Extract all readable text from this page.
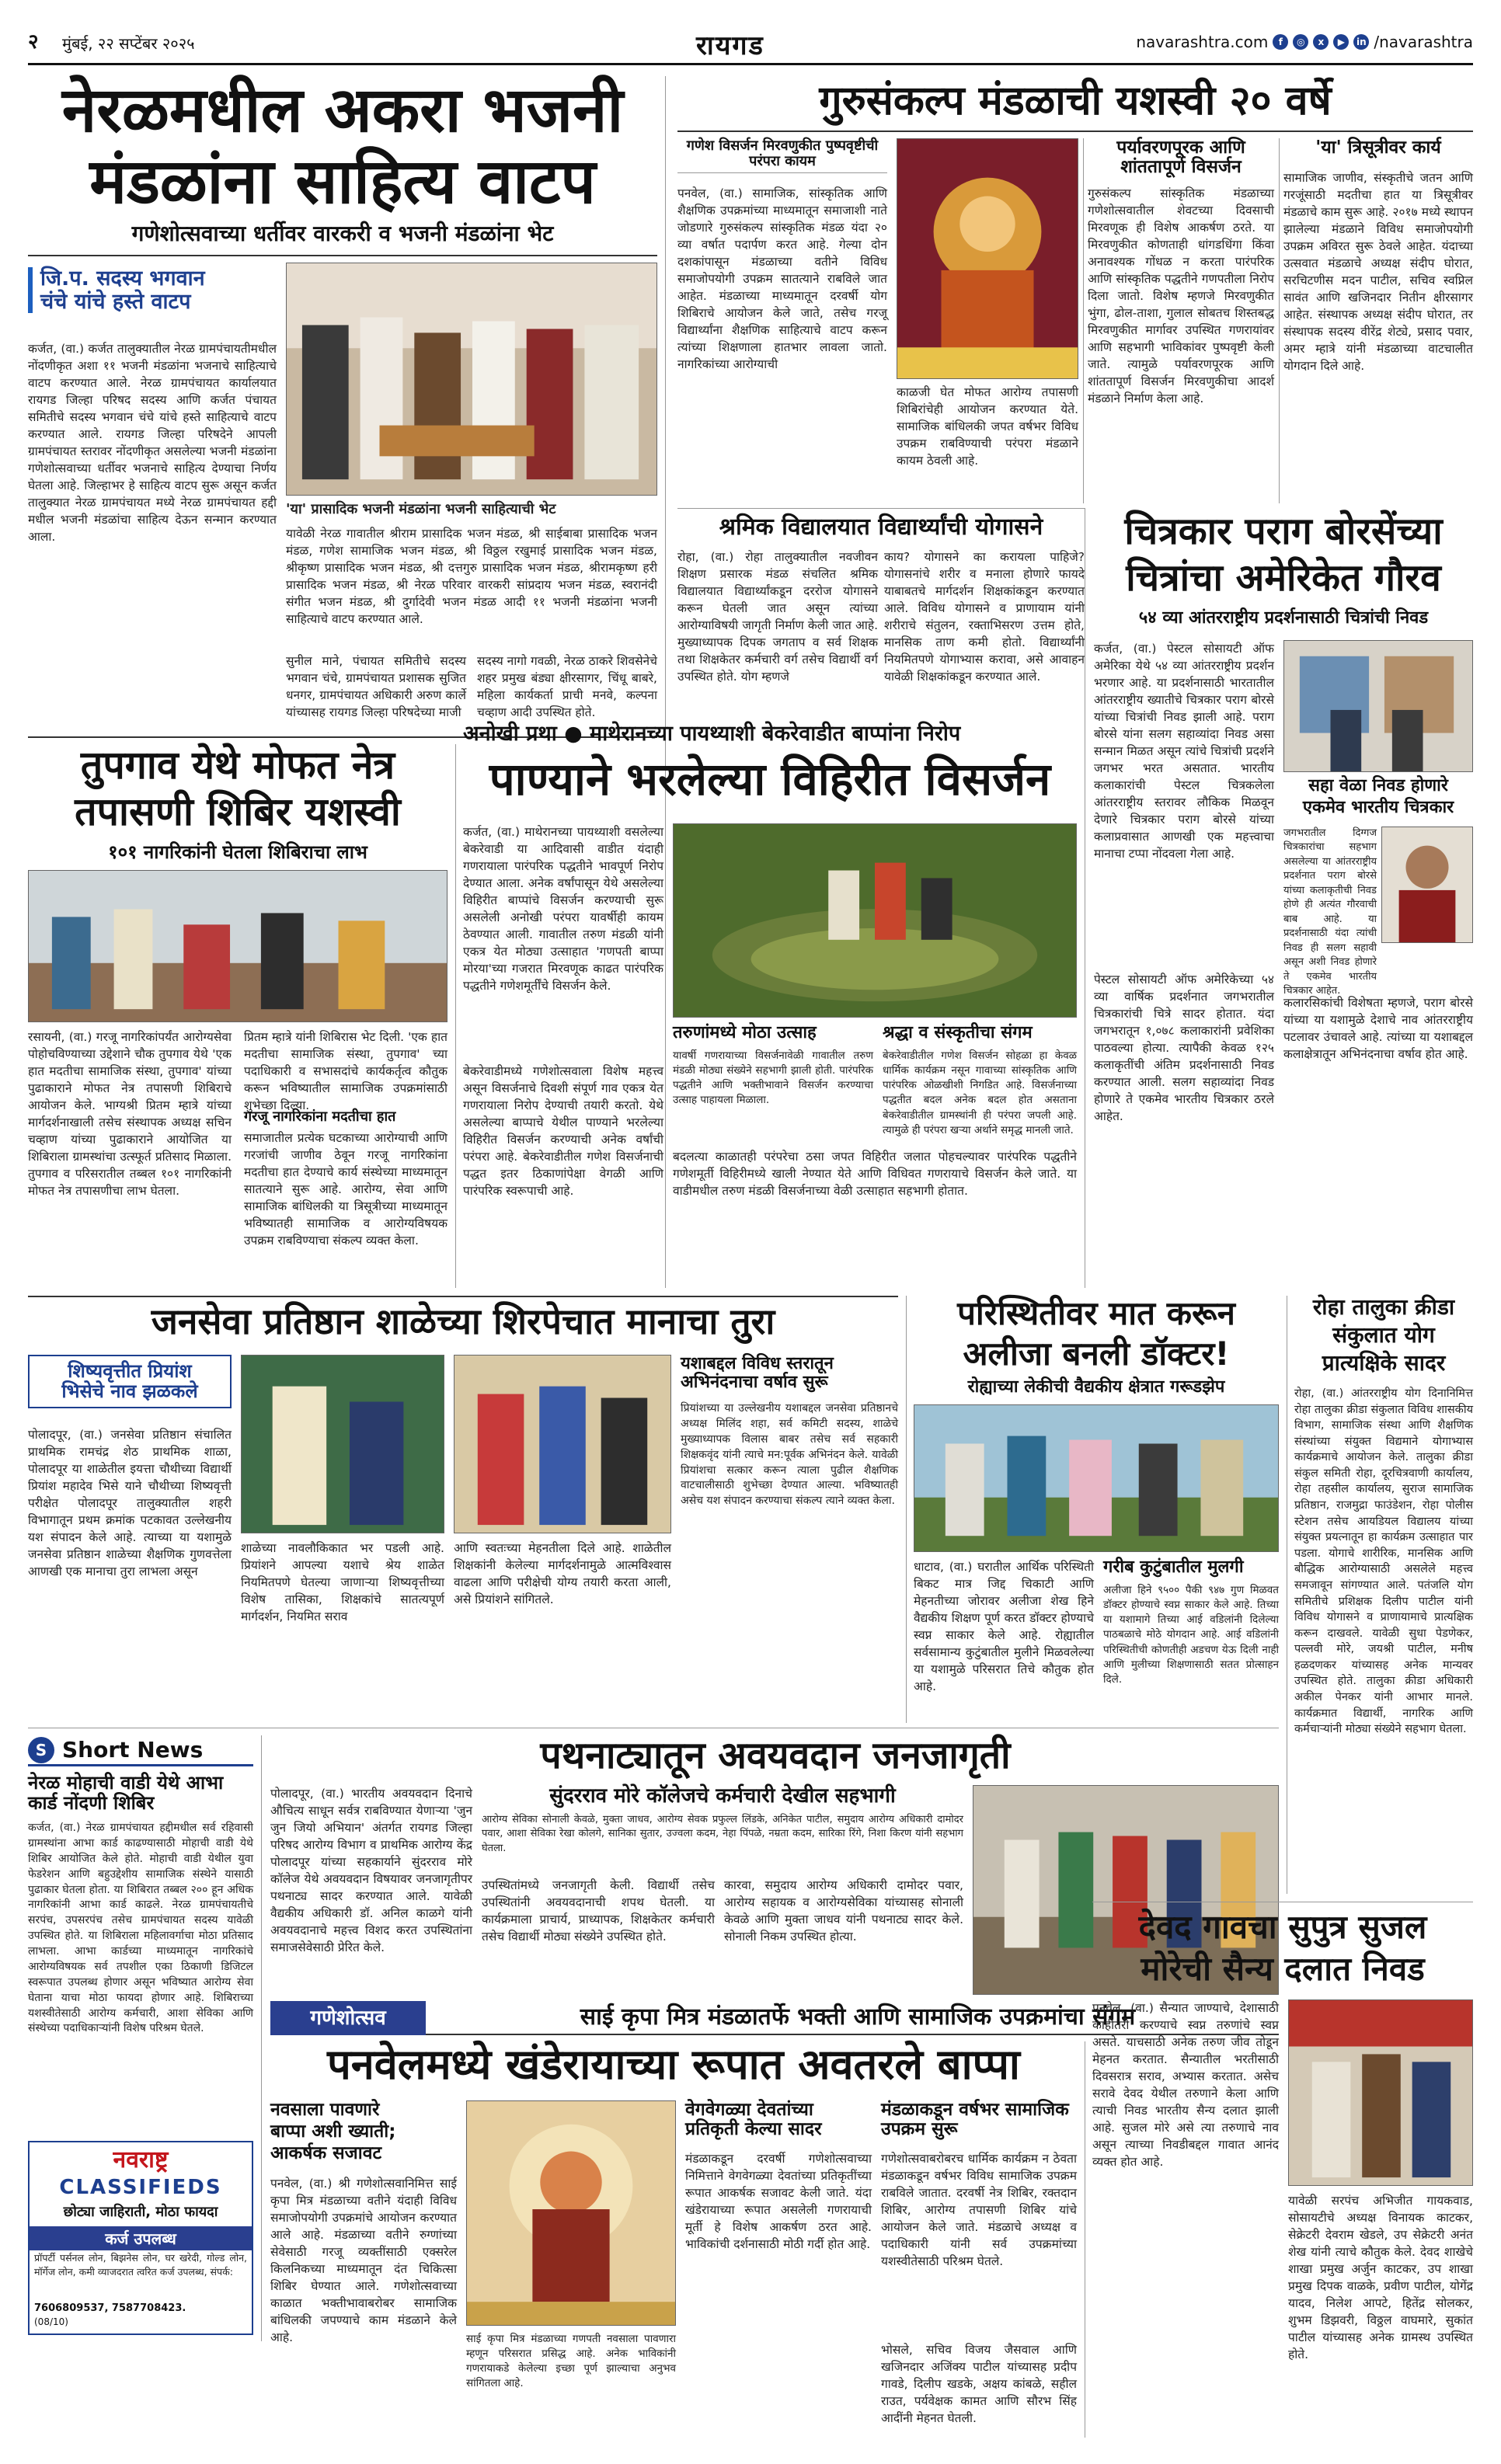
२ मुंबई, २२ सप्टेंबर २०२५	रायगड	navarashtra.com	f	◎	x	▶	in /navarashtra
नेरळमधील अकरा भजनी
मंडळांना साहित्य वाटप
गणेशोत्सवाच्या धर्तीवर वारकरी व भजनी मंडळांना भेट
जि.प. सदस्य भगवान
चंचे यांचे हस्ते वाटप
कर्जत, (वा.) कर्जत तालुक्यातील नेरळ ग्रामपंचायतीमधील नोंदणीकृत अशा ११ भजनी मंडळांना भजनाचे साहित्याचे वाटप करण्यात आले. नेरळ ग्रामपंचायत कार्यालयात रायगड जिल्हा परिषद सदस्य आणि कर्जत पंचायत समितीचे सदस्य भगवान चंचे यांचे हस्ते साहित्याचे वाटप करण्यात आले. रायगड जिल्हा परिषदेने आपली ग्रामपंचायत स्तरावर नोंदणीकृत असलेल्या भजनी मंडळांना गणेशोत्सवाच्या धर्तीवर भजनाचे साहित्य देण्याचा निर्णय घेतला आहे. जिल्हाभर हे साहित्य वाटप सुरू असून कर्जत तालुक्यात नेरळ ग्रामपंचायत मध्ये नेरळ ग्रामपंचायत हद्दी मधील भजनी मंडळांचा साहित्य देऊन सन्मान करण्यात आला.
'या' प्रासादिक भजनी मंडळांना भजनी साहित्याची भेट
यावेळी नेरळ गावातील श्रीराम प्रासादिक भजन मंडळ, श्री साईबाबा प्रासादिक भजन मंडळ, गणेश सामाजिक भजन मंडळ, श्री विठ्ठल रखुमाई प्रासादिक भजन मंडळ, श्रीकृष्ण प्रासादिक भजन मंडळ, श्री दत्तगुरु प्रासादिक भजन मंडळ, श्रीरामकृष्ण हरी प्रासादिक भजन मंडळ, श्री नेरळ परिवार वारकरी सांप्रदाय भजन मंडळ, स्वरानंदी संगीत भजन मंडळ, श्री दुर्गादेवी भजन मंडळ आदी ११ भजनी मंडळांना भजनी साहित्याचे वाटप करण्यात आले.
सुनील माने, पंचायत समितीचे सदस्य भगवान चंचे, ग्रामपंचायत प्रशासक सुजित धनगर, ग्रामपंचायत अधिकारी अरुण कार्ले यांच्यासह रायगड जिल्हा परिषदेच्या माजी
सदस्य नागो गवळी, नेरळ ठाकरे शिवसेनेचे शहर प्रमुख बंड्या क्षीरसागर, चिंधू बाबरे, महिला कार्यकर्ता प्राची मनवे, कल्पना चव्हाण आदी उपस्थित होते.
गुरुसंकल्प मंडळाची यशस्वी २० वर्षे
गणेश विसर्जन मिरवणुकीत पुष्पवृष्टीची परंपरा कायम
पनवेल, (वा.) सामाजिक, सांस्कृतिक आणि शैक्षणिक उपक्रमांच्या माध्यमातून समाजाशी नाते जोडणारे गुरुसंकल्प सांस्कृतिक मंडळ यंदा २० व्या वर्षात पदार्पण करत आहे. गेल्या दोन दशकांपासून मंडळाच्या वतीने विविध समाजोपयोगी उपक्रम सातत्याने राबविले जात आहेत. मंडळाच्या माध्यमातून दरवर्षी योग शिबिराचे आयोजन केले जाते, तसेच गरजू विद्यार्थ्यांना शैक्षणिक साहित्याचे वाटप करून त्यांच्या शिक्षणाला हातभार लावला जातो. नागरिकांच्या आरोग्याची
काळजी घेत मोफत आरोग्य तपासणी शिबिरांचेही आयोजन करण्यात येते. सामाजिक बांधिलकी जपत वर्षभर विविध उपक्रम राबविण्याची परंपरा मंडळाने कायम ठेवली आहे.
पर्यावरणपूरक आणि शांततापूर्ण विसर्जन
गुरुसंकल्प सांस्कृतिक मंडळाच्या गणेशोत्सवातील शेवटच्या दिवसाची मिरवणूक ही विशेष आकर्षण ठरते. या मिरवणुकीत कोणताही धांगडधिंगा किंवा अनावश्यक गोंधळ न करता पारंपरिक आणि सांस्कृतिक पद्धतीने गणपतीला निरोप दिला जातो. विशेष म्हणजे मिरवणुकीत भुंगा, ढोल-ताशा, गुलाल सोबतच शिस्तबद्ध मिरवणुकीत मार्गावर उपस्थित गणरायांवर आणि सहभागी भाविकांवर पुष्पवृष्टी केली जाते. त्यामुळे पर्यावरणपूरक आणि शांततापूर्ण विसर्जन मिरवणुकीचा आदर्श मंडळाने निर्माण केला आहे.
'या' त्रिसूत्रीवर कार्य
सामाजिक जाणीव, संस्कृतीचे जतन आणि गरजूंसाठी मदतीचा हात या त्रिसूत्रीवर मंडळाचे काम सुरू आहे. २०१७ मध्ये स्थापन झालेल्या मंडळाने विविध समाजोपयोगी उपक्रम अविरत सुरू ठेवले आहेत. यंदाच्या उत्सवात मंडळाचे अध्यक्ष संदीप घोरात, सरचिटणीस मदन पाटील, सचिव स्वप्निल सावंत आणि खजिनदार नितीन क्षीरसागर आहेत. संस्थापक अध्यक्ष संदीप घोरात, तर संस्थापक सदस्य वीरेंद्र शेट्ये, प्रसाद पवार, अमर म्हात्रे यांनी मंडळाच्या वाटचालीत योगदान दिले आहे.
श्रमिक विद्यालयात विद्यार्थ्यांची योगासने
रोहा, (वा.) रोहा तालुक्यातील नवजीवन शिक्षण प्रसारक मंडळ संचलित श्रमिक विद्यालयात विद्यार्थ्यांकडून दररोज योगासने करून घेतली जात असून त्यांच्या आरोग्याविषयी जागृती निर्माण केली जात आहे. मुख्याध्यापक दिपक जगताप व सर्व शिक्षक तथा शिक्षकेतर कर्मचारी वर्ग तसेच विद्यार्थी वर्ग उपस्थित होते. योग म्हणजे
काय? योगासने का करायला पाहिजे? योगासनांचे शरीर व मनाला होणारे फायदे याबाबतचे मार्गदर्शन शिक्षकांकडून करण्यात आले. विविध योगासने व प्राणायाम यांनी शरीराचे संतुलन, रक्ताभिसरण उत्तम होते, मानसिक ताण कमी होतो. विद्यार्थ्यांनी नियमितपणे योगाभ्यास करावा, असे आवाहन यावेळी शिक्षकांकडून करण्यात आले.
तुपगाव येथे मोफत नेत्र
तपासणी शिबिर यशस्वी
१०१ नागरिकांनी घेतला शिबिराचा लाभ
रसायनी, (वा.) गरजू नागरिकांपर्यंत आरोग्यसेवा पोहोचविण्याच्या उद्देशाने चौक तुपगाव येथे 'एक हात मदतीचा सामाजिक संस्था, तुपगाव' यांच्या पुढाकाराने मोफत नेत्र तपासणी शिबिराचे आयोजन केले. भाग्यश्री प्रितम म्हात्रे यांच्या मार्गदर्शनाखाली तसेच संस्थापक अध्यक्ष सचिन चव्हाण यांच्या पुढाकाराने आयोजित या शिबिराला ग्रामस्थांचा उत्स्फूर्त प्रतिसाद मिळाला. तुपगाव व परिसरातील तब्बल १०१ नागरिकांनी मोफत नेत्र तपासणीचा लाभ घेतला.
प्रितम म्हात्रे यांनी शिबिरास भेट दिली. 'एक हात मदतीचा सामाजिक संस्था, तुपगाव' च्या पदाधिकारी व सभासदांचे कार्यकर्तृत्व कौतुक करून भविष्यातील सामाजिक उपक्रमांसाठी शुभेच्छा दिल्या.
गरजू नागरिकांना मदतीचा हात
समाजातील प्रत्येक घटकाच्या आरोग्याची आणि गरजांची जाणीव ठेवून गरजू नागरिकांना मदतीचा हात देण्याचे कार्य संस्थेच्या माध्यमातून सातत्याने सुरू आहे. आरोग्य, सेवा आणि सामाजिक बांधिलकी या त्रिसूत्रीच्या माध्यमातून भविष्यातही सामाजिक व आरोग्यविषयक उपक्रम राबविण्याचा संकल्प व्यक्त केला.
अनोखी प्रथा ● माथेरानच्या पायथ्याशी बेकरेवाडीत बाप्पांना निरोप
पाण्याने भरलेल्या विहिरीत विसर्जन
कर्जत, (वा.) माथेरानच्या पायथ्याशी वसलेल्या बेकरेवाडी या आदिवासी वाडीत यंदाही गणरायाला पारंपरिक पद्धतीने भावपूर्ण निरोप देण्यात आला. अनेक वर्षांपासून येथे असलेल्या विहिरीत बाप्पांचे विसर्जन करण्याची सुरू असलेली अनोखी परंपरा यावर्षीही कायम ठेवण्यात आली. गावातील तरुण मंडळी यांनी एकत्र येत मोठ्या उत्साहात 'गणपती बाप्पा मोरया'च्या गजरात मिरवणूक काढत पारंपरिक पद्धतीने गणेशमूर्तींचे विसर्जन केले.
बेकरेवाडीमध्ये गणेशोत्सवाला विशेष महत्त्व असून विसर्जनाचे दिवशी संपूर्ण गाव एकत्र येत गणरायाला निरोप देण्याची तयारी करतो. येथे असलेल्या बाप्पाचे येथील पाण्याने भरलेल्या विहिरीत विसर्जन करण्याची अनेक वर्षांची परंपरा आहे. बेकरेवाडीतील गणेश विसर्जनाची पद्धत इतर ठिकाणांपेक्षा वेगळी आणि पारंपरिक स्वरूपाची आहे.
तरुणांमध्ये मोठा उत्साह
यावर्षी गणरायाच्या विसर्जनावेळी गावातील तरुण मंडळी मोठ्या संख्येने सहभागी झाली होती. पारंपरिक पद्धतीने आणि भक्तीभावाने विसर्जन करण्याचा उत्साह पाहायला मिळाला.
श्रद्धा व संस्कृतीचा संगम
बेकरेवाडीतील गणेश विसर्जन सोहळा हा केवळ धार्मिक कार्यक्रम नसून गावाच्या सांस्कृतिक आणि पारंपरिक ओळखीशी निगडित आहे. विसर्जनाच्या पद्धतीत बदल अनेक बदल होत असताना बेकरेवाडीतील ग्रामस्थांनी ही परंपरा जपली आहे. त्यामुळे ही परंपरा खऱ्या अर्थाने समृद्ध मानली जाते.
बदलत्या काळातही परंपरेचा ठसा जपत विहिरीत जलात पोहचल्यावर पारंपरिक पद्धतीने गणेशमूर्ती विहिरीमध्ये खाली नेण्यात येते आणि विधिवत गणरायाचे विसर्जन केले जाते. या वाडीमधील तरुण मंडळी विसर्जनाच्या वेळी उत्साहात सहभागी होतात.
चित्रकार पराग बोरसेंच्या
चित्रांचा अमेरिकेत गौरव
५४ व्या आंतरराष्ट्रीय प्रदर्शनासाठी चित्रांची निवड
कर्जत, (वा.) पेस्टल सोसायटी ऑफ अमेरिका येथे ५४ व्या आंतरराष्ट्रीय प्रदर्शन भरणार आहे. या प्रदर्शनासाठी भारतातील आंतरराष्ट्रीय ख्यातीचे चित्रकार पराग बोरसे यांच्या चित्रांची निवड झाली आहे. पराग बोरसे यांना सलग सहाव्यांदा निवड असा सन्मान मिळत असून त्यांचे चित्रांची प्रदर्शने जगभर भरत असतात. भारतीय कलाकारांची पेस्टल चित्रकलेला आंतरराष्ट्रीय स्तरावर लौकिक मिळवून देणारे चित्रकार पराग बोरसे यांच्या कलाप्रवासात आणखी एक महत्त्वाचा मानाचा टप्पा नोंदवला गेला आहे.
पेस्टल सोसायटी ऑफ अमेरिकेच्या ५४ व्या वार्षिक प्रदर्शनात जगभरातील चित्रकारांची चित्रे सादर होतात. यंदा जगभरातून १,०७८ कलाकारांनी प्रवेशिका पाठवल्या होत्या. त्यापैकी केवळ १२५ कलाकृतींची अंतिम प्रदर्शनासाठी निवड करण्यात आली. सलग सहाव्यांदा निवड होणारे ते एकमेव भारतीय चित्रकार ठरले आहेत.
सहा वेळा निवड होणारे
एकमेव भारतीय चित्रकार
जगभरातील दिग्गज चित्रकारांचा सहभाग असलेल्या या आंतरराष्ट्रीय प्रदर्शनात पराग बोरसे यांच्या कलाकृतीची निवड होणे ही अत्यंत गौरवाची बाब आहे. या प्रदर्शनासाठी यंदा त्यांची निवड ही सलग सहावी असून अशी निवड होणारे ते एकमेव भारतीय चित्रकार आहेत.
कलारसिकांची विशेषता म्हणजे, पराग बोरसे यांच्या या यशामुळे देशाचे नाव आंतरराष्ट्रीय पटलावर उंचावले आहे. त्यांच्या या यशाबद्दल कलाक्षेत्रातून अभिनंदनाचा वर्षाव होत आहे.
जनसेवा प्रतिष्ठान शाळेच्या शिरपेचात मानाचा तुरा
शिष्यवृत्तीत प्रियांश
भिसेचे नाव झळकले
पोलादपूर, (वा.) जनसेवा प्रतिष्ठान संचालित प्राथमिक रामचंद्र शेठ प्राथमिक शाळा, पोलादपूर या शाळेतील इयत्ता चौथीच्या विद्यार्थी प्रियांश महादेव भिसे याने चौथीच्या शिष्यवृत्ती परीक्षेत पोलादपूर तालुक्यातील शहरी विभागातून प्रथम क्रमांक पटकावत उल्लेखनीय यश संपादन केले आहे. त्याच्या या यशामुळे जनसेवा प्रतिष्ठान शाळेच्या शैक्षणिक गुणवत्तेला आणखी एक मानाचा तुरा लाभला असून
शाळेच्या नावलौकिकात भर पडली आहे. प्रियांशने आपल्या यशाचे श्रेय शाळेत नियमितपणे घेतल्या जाणाऱ्या शिष्यवृत्तीच्या विशेष तासिका, शिक्षकांचे सातत्यपूर्ण मार्गदर्शन, नियमित सराव
आणि स्वतःच्या मेहनतीला दिले आहे. शाळेतील शिक्षकांनी केलेल्या मार्गदर्शनामुळे आत्मविश्वास वाढला आणि परीक्षेची योग्य तयारी करता आली, असे प्रियांशने सांगितले.
यशाबद्दल विविध स्तरातून अभिनंदनाचा वर्षाव सुरू
प्रियांशच्या या उल्लेखनीय यशाबद्दल जनसेवा प्रतिष्ठानचे अध्यक्ष मिलिंद शहा, सर्व कमिटी सदस्य, शाळेचे मुख्याध्यापक विलास बाबर तसेच सर्व सहकारी शिक्षकवृंद यांनी त्याचे मन:पूर्वक अभिनंदन केले. यावेळी प्रियांशचा सत्कार करून त्याला पुढील शैक्षणिक वाटचालीसाठी शुभेच्छा देण्यात आल्या. भविष्यातही असेच यश संपादन करण्याचा संकल्प त्याने व्यक्त केला.
परिस्थितीवर मात करून
अलीजा बनली डॉक्टर!
रोह्याच्या लेकीची वैद्यकीय क्षेत्रात गरूडझेप
धाटाव, (वा.) घरातील आर्थिक परिस्थिती बिकट मात्र जिद्द चिकाटी आणि मेहनतीच्या जोरावर अलीजा शेख हिने वैद्यकीय शिक्षण पूर्ण करत डॉक्टर होण्याचे स्वप्न साकार केले आहे. रोह्यातील सर्वसामान्य कुटुंबातील मुलीने मिळवलेल्या या यशामुळे परिसरात तिचे कौतुक होत आहे.
गरीब कुटुंबातील मुलगी
अलीजा हिने ९५०० पैकी ९४७ गुण मिळवत डॉक्टर होण्याचे स्वप्न साकार केले आहे. तिच्या या यशामागे तिच्या आई वडिलांनी दिलेल्या पाठबळाचे मोठे योगदान आहे. आई वडिलांनी परिस्थितीची कोणतीही अडचण येऊ दिली नाही आणि मुलीच्या शिक्षणासाठी सतत प्रोत्साहन दिले.
रोहा तालुका क्रीडा
संकुलात योग
प्रात्यक्षिके सादर
रोहा, (वा.) आंतरराष्ट्रीय योग दिनानिमित्त रोहा तालुका क्रीडा संकुलात विविध शासकीय विभाग, सामाजिक संस्था आणि शैक्षणिक संस्थांच्या संयुक्त विद्यमाने योगाभ्यास कार्यक्रमाचे आयोजन केले. तालुका क्रीडा संकुल समिती रोहा, दूरचित्रवाणी कार्यालय, रोहा तहसील कार्यालय, सुराज सामाजिक प्रतिष्ठान, राजमुद्रा फाउंडेशन, रोहा पोलीस स्टेशन तसेच आयडियल विद्यालय यांच्या संयुक्त प्रयत्नातून हा कार्यक्रम उत्साहात पार पडला. योगाचे शारीरिक, मानसिक आणि बौद्धिक आरोग्यासाठी असलेले महत्त्व समजावून सांगण्यात आले. पतंजलि योग समितीचे प्रशिक्षक दिलीप पाटील यांनी विविध योगासने व प्राणायामाचे प्रात्यक्षिक करून दाखवले. यावेळी सुधा पेडणेकर, पल्लवी मोरे, जयश्री पाटील, मनीष हळदणकर यांच्यासह अनेक मान्यवर उपस्थित होते. तालुका क्रीडा अधिकारी अकील पेनकर यांनी आभार मानले. कार्यक्रमात विद्यार्थी, नागरिक आणि कर्मचाऱ्यांनी मोठ्या संख्येने सहभाग घेतला.
S Short News
नेरळ मोहाची वाडी येथे आभा कार्ड नोंदणी शिबिर
कर्जत, (वा.) नेरळ ग्रामपंचायत हद्दीमधील सर्व रहिवासी ग्रामस्थांना आभा कार्ड काढण्यासाठी मोहाची वाडी येथे शिबिर आयोजित केले होते. मोहाची वाडी येथील युवा फेडरेशन आणि बहुउद्देशीय सामाजिक संस्थेने यासाठी पुढाकार घेतला होता. या शिबिरात तब्बल २०० हून अधिक नागरिकांनी आभा कार्ड काढले. नेरळ ग्रामपंचायतीचे सरपंच, उपसरपंच तसेच ग्रामपंचायत सदस्य यावेळी उपस्थित होते. या शिबिराला महिलावर्गाचा मोठा प्रतिसाद लाभला. आभा कार्डच्या माध्यमातून नागरिकांचे आरोग्यविषयक सर्व तपशील एका ठिकाणी डिजिटल स्वरूपात उपलब्ध होणार असून भविष्यात आरोग्य सेवा घेताना याचा मोठा फायदा होणार आहे. शिबिराच्या यशस्वीतेसाठी आरोग्य कर्मचारी, आशा सेविका आणि संस्थेच्या पदाधिकाऱ्यांनी विशेष परिश्रम घेतले.
नवराष्ट्र
CLASSIFIEDS
छोट्या जाहिराती, मोठा फायदा
कर्ज उपलब्ध
प्रॉपर्टी पर्सनल लोन, बिझनेस लोन, घर खरेदी, गोल्ड लोन, मॉर्गेज लोन, कमी व्याजदरात त्वरित कर्ज उपलब्ध, संपर्क:
7606809537, 7587708423.
(08/10)
पथनाट्यातून अवयवदान जनजागृती
पोलादपूर, (वा.) भारतीय अवयवदान दिनाचे औचित्य साधून सर्वत्र राबविण्यात येणाऱ्या 'जुन जुन जियो अभियान' अंतर्गत रायगड जिल्हा परिषद आरोग्य विभाग व प्राथमिक आरोग्य केंद्र पोलादपूर यांच्या सहकार्याने सुंदरराव मोरे कॉलेज येथे अवयवदान विषयावर जनजागृतीपर पथनाट्य सादर करण्यात आले. यावेळी वैद्यकीय अधिकारी डॉ. अनिल काळगे यांनी अवयवदानाचे महत्त्व विशद करत उपस्थितांना समाजसेवेसाठी प्रेरित केले.
सुंदरराव मोरे कॉलेजचे कर्मचारी देखील सहभागी
आरोग्य सेविका सोनाली केवळे, मुक्ता जाधव, आरोग्य सेवक प्रफुल्ल लिंडके, अनिकेत पाटील, समुदाय आरोग्य अधिकारी दामोदर पवार, आशा सेविका रेखा कोलगे, सानिका सुतार, उज्वला कदम, नेहा पिंपळे, नम्रता कदम, सारिका रिंगे, निशा किरण यांनी सहभाग घेतला.
उपस्थितांमध्ये जनजागृती केली. विद्यार्थी तसेच उपस्थितांनी अवयवदानाची शपथ घेतली. या कार्यक्रमाला प्राचार्य, प्राध्यापक, शिक्षकेतर कर्मचारी तसेच विद्यार्थी मोठ्या संख्येने उपस्थित होते.
कारवा, समुदाय आरोग्य अधिकारी दामोदर पवार, आरोग्य सहायक व आरोग्यसेविका यांच्यासह सोनाली केवळे आणि मुक्ता जाधव यांनी पथनाट्य सादर केले. सोनाली निकम उपस्थित होत्या.
गणेशोत्सव	साई कृपा मित्र मंडळातर्फे भक्ती आणि सामाजिक उपक्रमांचा संगम
पनवेलमध्ये खंडेरायाच्या रूपात अवतरले बाप्पा
नवसाला पावणारे
बाप्पा अशी ख्याती;
आकर्षक सजावट
पनवेल, (वा.) श्री गणेशोत्सवानिमित्त साई कृपा मित्र मंडळाच्या वतीने यंदाही विविध समाजोपयोगी उपक्रमांचे आयोजन करण्यात आले आहे. मंडळाच्या वतीने रुग्णांच्या सेवेसाठी गरजू व्यक्तींसाठी एक्सरेल किलनिकच्या माध्यमातून दंत चिकित्सा शिबिर घेण्यात आले. गणेशोत्सवाच्या काळात भक्तीभावाबरोबर सामाजिक बांधिलकी जपण्याचे काम मंडळाने केले आहे.	साई कृपा मित्र मंडळाच्या गणपती नवसाला पावणारा म्हणून परिसरात प्रसिद्ध आहे. अनेक भाविकांनी गणरायाकडे केलेल्या इच्छा पूर्ण झाल्याचा अनुभव सांगितला आहे.
वेगवेगळ्या देवतांच्या प्रतिकृती केल्या सादर
मंडळाकडून दरवर्षी गणेशोत्सवाच्या निमित्ताने वेगवेगळ्या देवतांच्या प्रतिकृतींच्या रूपात आकर्षक सजावट केली जाते. यंदा खंडेरायाच्या रूपात असलेली गणरायाची मूर्ती हे विशेष आकर्षण ठरत आहे. भाविकांची दर्शनासाठी मोठी गर्दी होत आहे.
मंडळाकडून वर्षभर सामाजिक उपक्रम सुरू
गणेशोत्सवाबरोबरच धार्मिक कार्यक्रम न ठेवता मंडळाकडून वर्षभर विविध सामाजिक उपक्रम राबविले जातात. दरवर्षी नेत्र शिबिर, रक्तदान शिबिर, आरोग्य तपासणी शिबिर यांचे आयोजन केले जाते. मंडळाचे अध्यक्ष व पदाधिकारी यांनी सर्व उपक्रमांच्या यशस्वीतेसाठी परिश्रम घेतले.
भोसले, सचिव विजय जैसवाल आणि खजिनदार अजिंक्य पाटील यांच्यासह प्रदीप गावडे, दिलीप खडके, अक्षय कांबळे, सहील राउत, पर्यवेक्षक कामत आणि सौरभ सिंह आदींनी मेहनत घेतली.
देवद गावचा सुपुत्र सुजल
मोरेची सैन्य दलात निवड
पनवेल, (वा.) सैन्यात जाण्याचे, देशासाठी काहीतरी करण्याचे स्वप्न तरुणांचे स्वप्न असते. याचसाठी अनेक तरुण जीव तोडून मेहनत करतात. सैन्यातील भरतीसाठी दिवसरात्र सराव, अभ्यास करतात. असेच सरावे देवद येथील तरुणाने केला आणि त्याची निवड भारतीय सैन्य दलात झाली आहे. सुजल मोरे असे त्या तरुणाचे नाव असून त्याच्या निवडीबद्दल गावात आनंद व्यक्त होत आहे.
यावेळी सरपंच अभिजीत गायकवाड, सोसायटीचे अध्यक्ष विनायक काटकर, सेक्रेटरी देवराम खेडले, उप सेक्रेटरी अनंत शेख यांनी त्याचे कौतुक केले. देवद शाखेचे शाखा प्रमुख अर्जुन काटकर, उप शाखा प्रमुख दिपक वाळके, प्रवीण पाटील, योगेंद्र यादव, निलेश आपटे, हितेंद्र सोलकर, शुभम डिझवरी, विठ्ठल वाघमारे, सुकांत पाटील यांच्यासह अनेक ग्रामस्थ उपस्थित होते.
